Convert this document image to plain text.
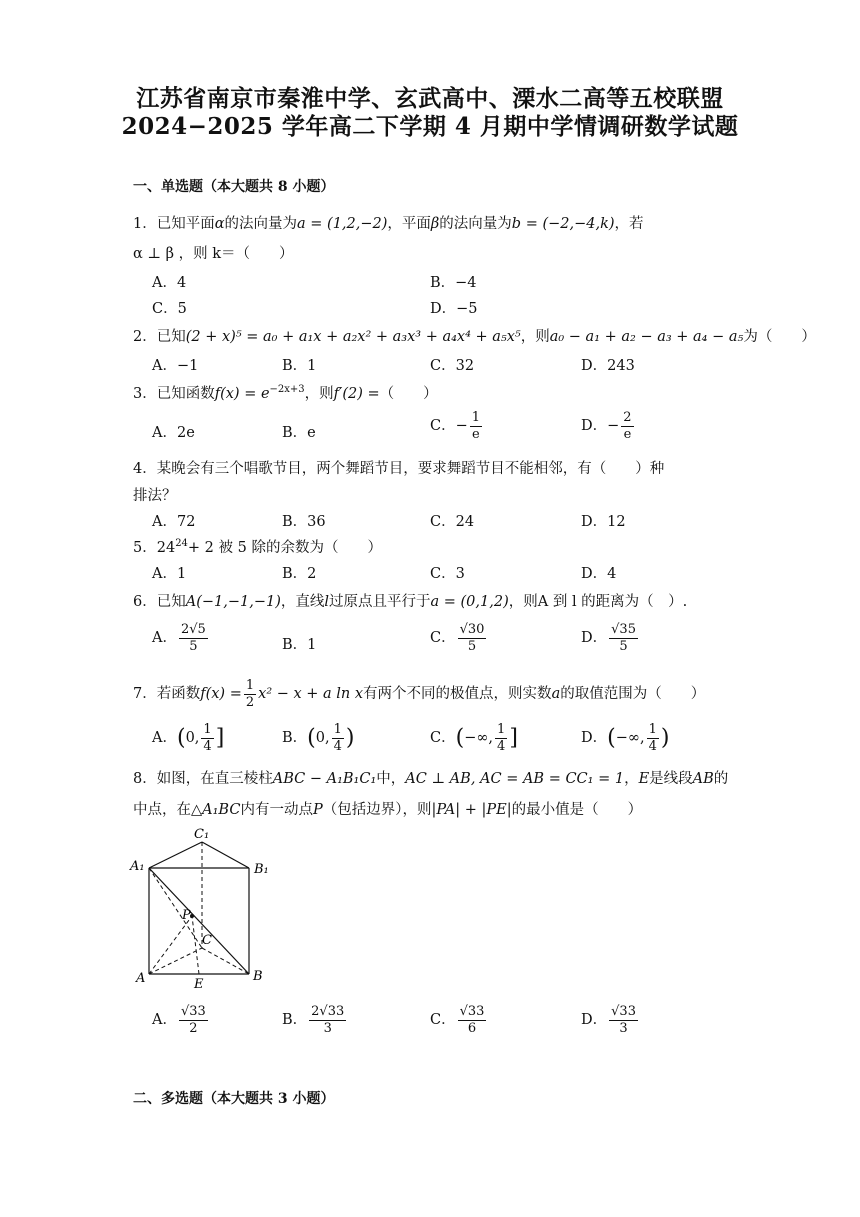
江苏省南京市秦淮中学、玄武高中、溧水二高等五校联盟
2024−2025 学年高二下学期 4 月期中学情调研数学试题
一、单选题（本大题共 8 小题）
1．已知平面α的法向量为a = (1,2,−2)，平面β的法向量为b = (−2,−4,k)，若
α ⊥ β ，则 k＝（　　）
A．4	B．−4
C．5	D．−5
2．已知(2 + x)⁵ = a₀ + a₁x + a₂x² + a₃x³ + a₄x⁴ + a₅x⁵，则a₀ − a₁ + a₂ − a₃ + a₄ − a₅为（　　）
A．−1	B．1	C．32	D．243
3．已知函数$f(x) = e^{-2x+3}$，则f′(2) =（　　）
A．2e	B．e	C．− $\frac{1}{e}$	D．− $\frac{2}{e}$
4．某晚会有三个唱歌节目，两个舞蹈节目，要求舞蹈节目不能相邻，有（　　）种
排法？
A．72	B．36	C．24	D．12
5．$24^{24}+ 2$ 被 5 除的余数为（　　）
A．1	B．2	C．3	D．4
6．已知A(−1,−1,−1)，直线l过原点且平行于a = (0,1,2)，则A 到 l 的距离为（　）.
A． $\frac{2√5}{5}$	B．1	C． $\frac{√30}{5}$	D． $\frac{√35}{5}$
7．若函数$f(x) = \frac{1}{2} x^2 - x + a$ ln x有两个不同的极值点，则实数a的取值范围为（　　）
A．(0, $\frac{1}{4}$ ]	B．(0, $\frac{1}{4}$ )	C．(−∞, $\frac{1}{4}$ ]	D．(−∞, $\frac{1}{4}$ )
8．如图，在直三棱柱ABC − A₁B₁C₁中，AC ⊥ AB, AC = AB = CC₁ = 1，E是线段AB的
中点，在△A₁BC内有一动点P（包括边界），则|PA| + |PE|的最小值是（　　）
C₁
A₁	B₁
P
C
A	E
B
A． $\frac{√33}{2}$	B． $\frac{2√33}{3}$	C． $\frac{√33}{6}$	D． $\frac{√33}{3}$
二、多选题（本大题共 3 小题）
